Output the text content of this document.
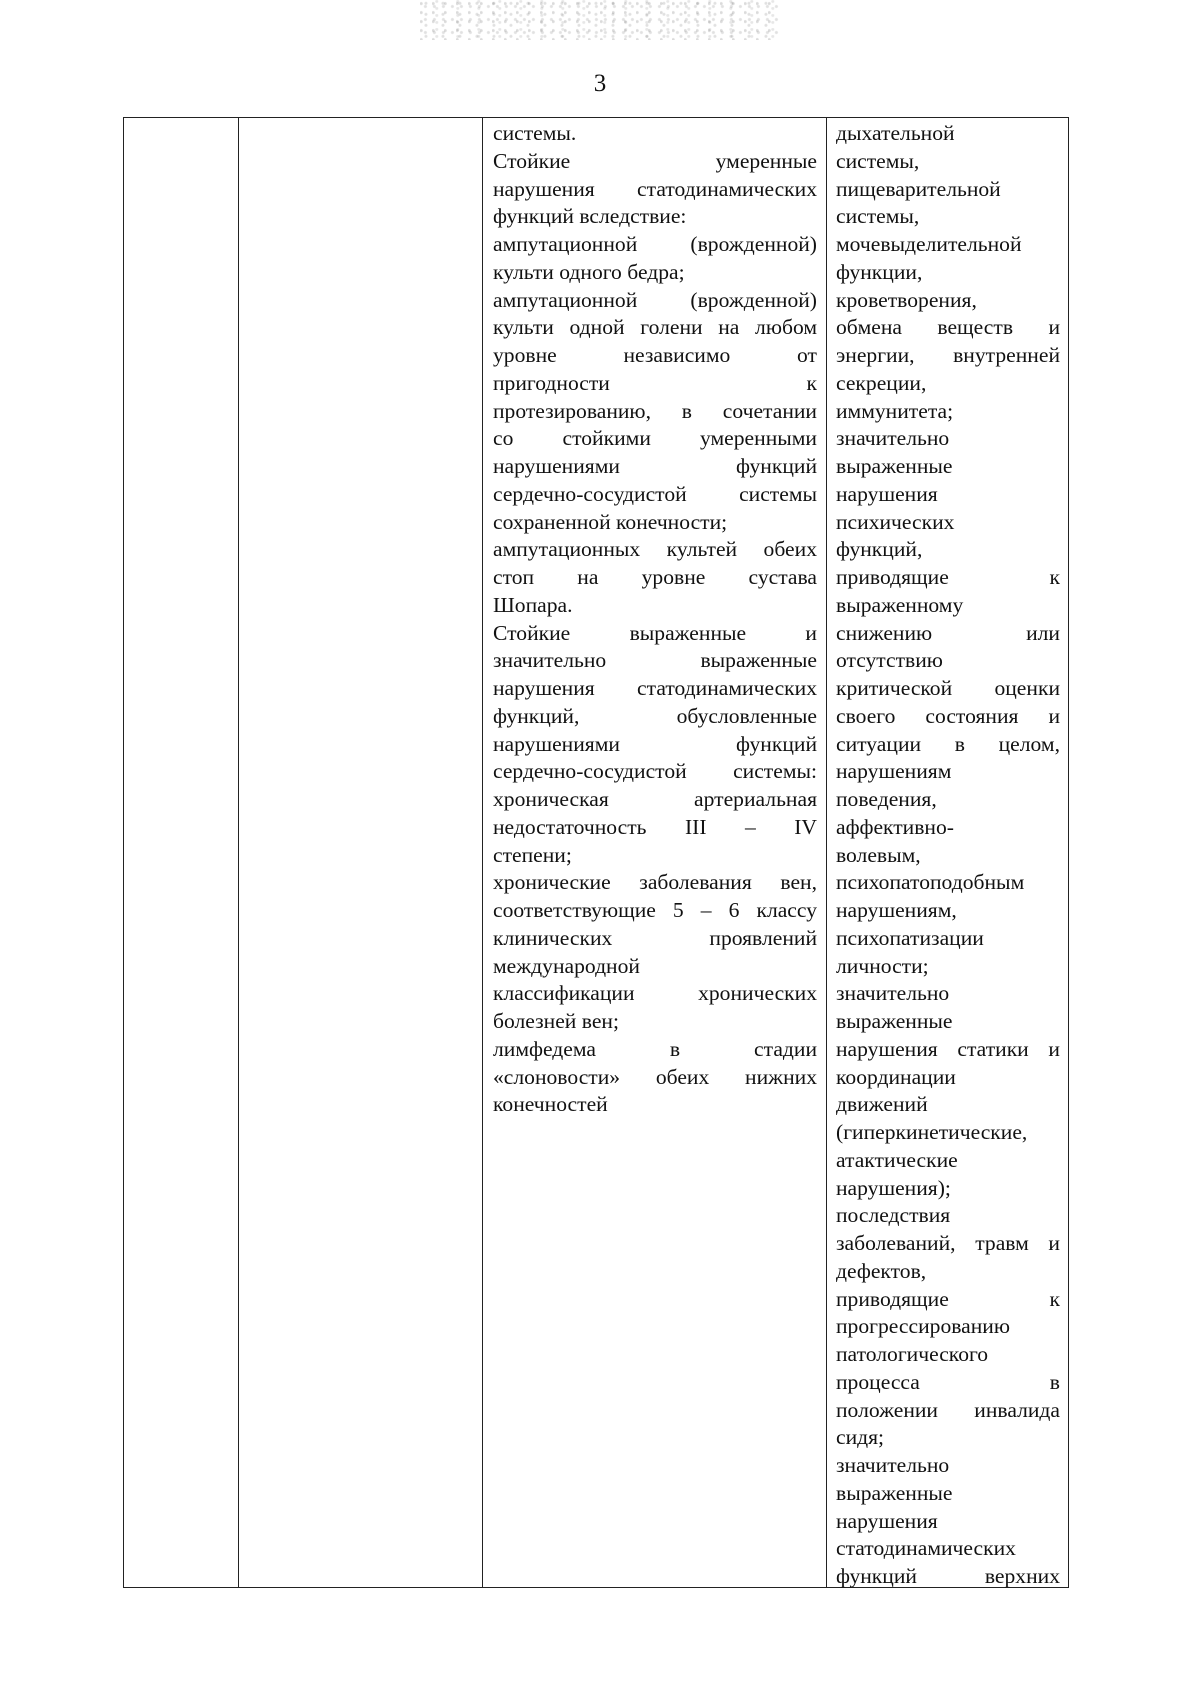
3
системы.
Стойкие умеренные
нарушения статодинамических
функций вследствие:
ампутационной (врожденной)
культи одного бедра;
ампутационной (врожденной)
культи одной голени на любом
уровне независимо от
пригодности к
протезированию, в сочетании
со стойкими умеренными
нарушениями функций
сердечно-сосудистой системы
сохраненной конечности;
ампутационных культей обеих
стоп на уровне сустава
Шопара.
Стойкие выраженные и
значительно выраженные
нарушения статодинамических
функций, обусловленные
нарушениями функций
сердечно-сосудистой системы:
хроническая артериальная
недостаточность III – IV
степени;
хронические заболевания вен,
соответствующие 5 – 6 классу
клинических проявлений
международной
классификации хронических
болезней вен;
лимфедема в стадии
«слоновости» обеих нижних
конечностей
дыхательной
системы,
пищеварительной
системы,
мочевыделительной
функции,
кроветворения,
обмена веществ и
энергии, внутренней
секреции,
иммунитета;
значительно
выраженные
нарушения
психических
функций,
приводящие к
выраженному
снижению или
отсутствию
критической оценки
своего состояния и
ситуации в целом,
нарушениям
поведения,
аффективно-
волевым,
психопатоподобным
нарушениям,
психопатизации
личности;
значительно
выраженные
нарушения статики и
координации
движений
(гиперкинетические,
атактические
нарушения);
последствия
заболеваний, травм и
дефектов,
приводящие к
прогрессированию
патологического
процесса в
положении инвалида
сидя;
значительно
выраженные
нарушения
статодинамических
функций верхних
